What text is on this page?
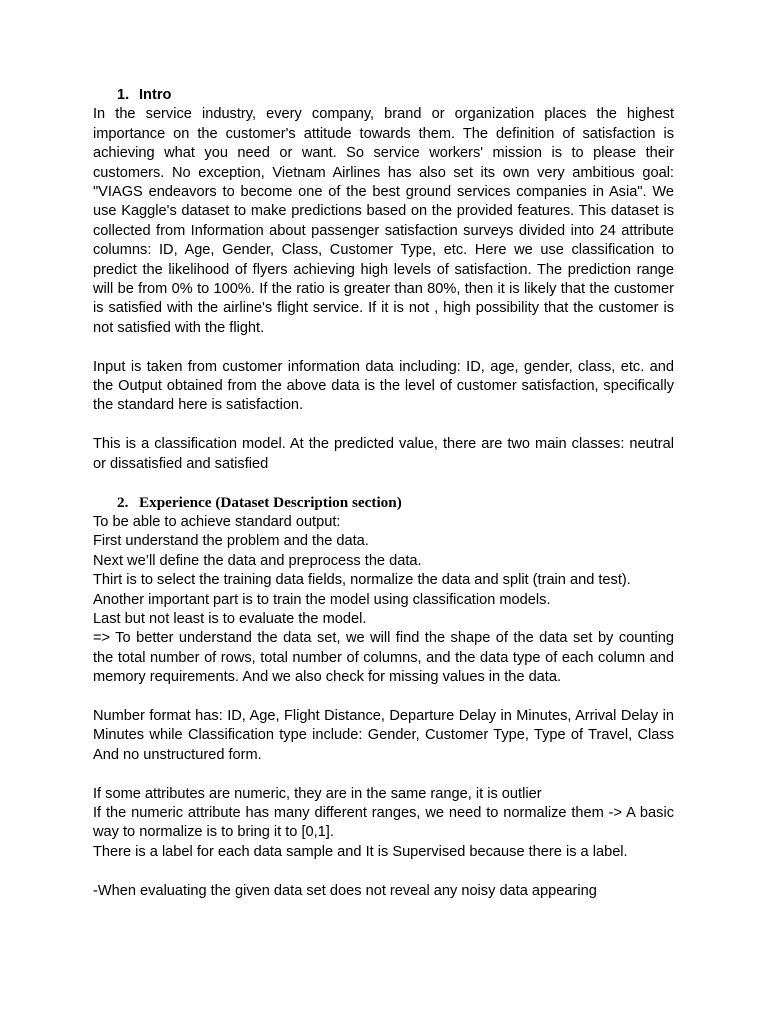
1. Intro

In the service industry, every company, brand or organization places the highest importance on the customer's attitude towards them. The definition of satisfaction is achieving what you need or want. So service workers' mission is to please their customers. No exception, Vietnam Airlines has also set its own very ambitious goal: "VIAGS endeavors to become one of the best ground services companies in Asia". We use Kaggle's dataset to make predictions based on the provided features. This dataset is collected from Information about passenger satisfaction surveys divided into 24 attribute columns: ID, Age, Gender, Class, Customer Type, etc. Here we use classification to predict the likelihood of flyers achieving high levels of satisfaction. The prediction range will be from 0% to 100%. If the ratio is greater than 80%, then it is likely that the customer is satisfied with the airline's flight service. If it is not , high possibility that the customer is not satisfied with the flight.

Input is taken from customer information data including: ID, age, gender, class, etc. and the Output obtained from the above data is the level of customer satisfaction, specifically the standard here is satisfaction.

This is a classification model. At the predicted value, there are two main classes: neutral or dissatisfied and satisfied

2. Experience (Dataset Description section)

To be able to achieve standard output:

First understand the problem and the data.

Next we’ll define the data and preprocess the data.

Thirt is to select the training data fields, normalize the data and split (train and test).

Another important part is to train the model using classification models.

Last but not least is to evaluate the model.

=> To better understand the data set, we will find the shape of the data set by counting the total number of rows, total number of columns, and the data type of each column and memory requirements. And we also check for missing values in the data.

Number format has: ID, Age, Flight Distance, Departure Delay in Minutes, Arrival Delay in Minutes while Classification type include: Gender, Customer Type, Type of Travel, Class And no unstructured form.

If some attributes are numeric, they are in the same range, it is outlier

If the numeric attribute has many different ranges, we need to normalize them -> A basic way to normalize is to bring it to [0,1].

There is a label for each data sample and It is Supervised because there is a label.

-When evaluating the given data set does not reveal any noisy data appearing
